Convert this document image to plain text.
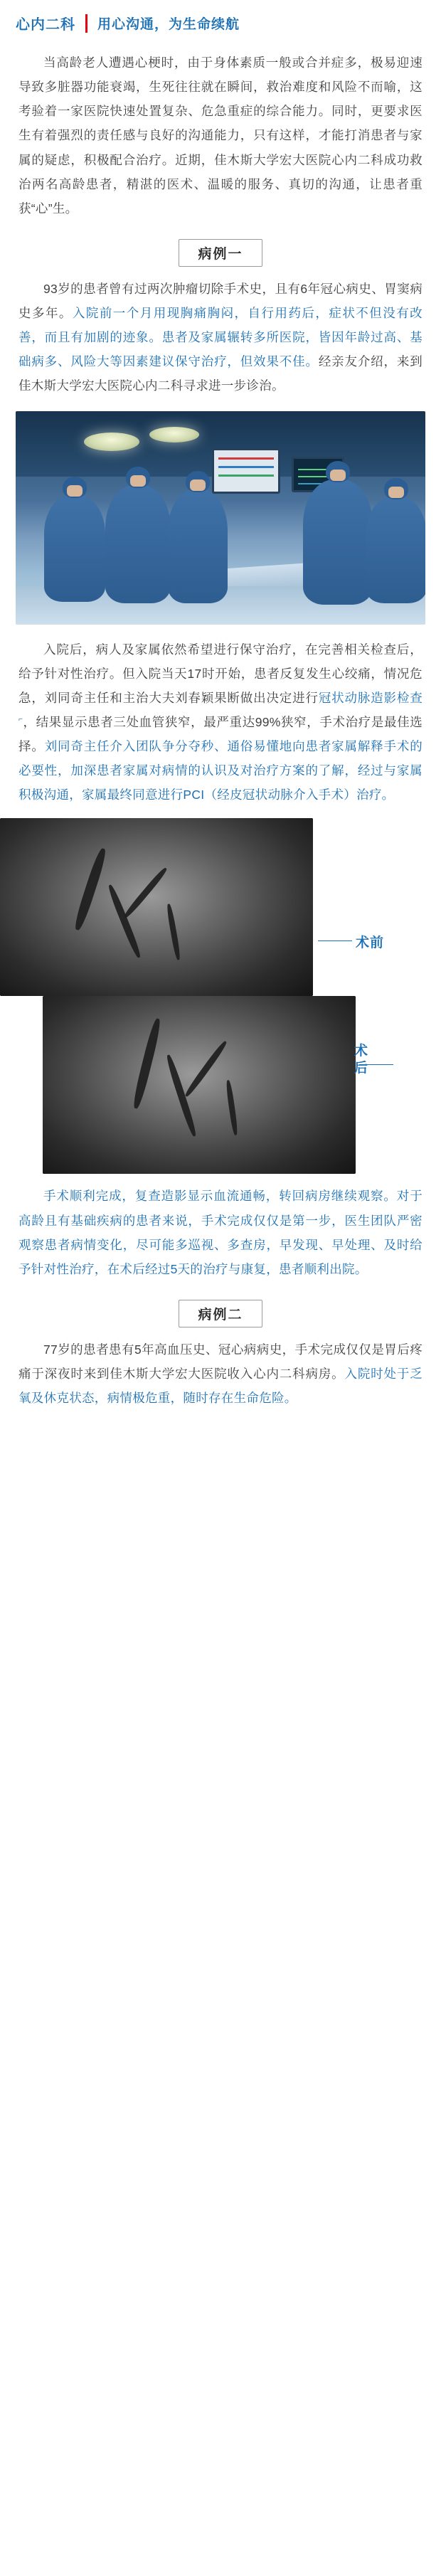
心内二科 用心沟通，为生命续航

当高龄老人遭遇心梗时，由于身体素质一般或合并症多，极易迎速导致多脏器功能衰竭，生死往往就在瞬间，救治难度和风险不而喻，这考验着一家医院快速处置复杂、危急重症的综合能力。同时，更要求医生有着强烈的责任感与良好的沟通能力，只有这样，才能打消患者与家属的疑虑，积极配合治疗。近期，佳木斯大学宏大医院心内二科成功救治两名高龄患者，精湛的医术、温暖的服务、真切的沟通，让患者重获“心”生。

病例一

93岁的患者曾有过两次肿瘤切除手术史，且有6年冠心病史、胃窦病史多年。入院前一个月用现胸痛胸闷，自行用药后，症状不但没有改善，而且有加剧的迹象。患者及家属辗转多所医院，皆因年龄过高、基础病多、风险大等因素建议保守治疗，但效果不佳。经亲友介绍，来到佳木斯大学宏大医院心内二科寻求进一步诊治。

入院后，病人及家属依然希望进行保守治疗，在完善相关检查后，给予针对性治疗。但入院当天17时开始，患者反复发生心绞痛，情况危急，刘同奇主任和主治大夫刘春颖果断做出决定进行冠状动脉造影检查⌐，结果显示患者三处血管狭窄，最严重达99%狭窄，手术治疗是最佳选择。刘同奇主任介入团队争分夺秒、通俗易懂地向患者家属解释手术的必要性，加深患者家属对病情的认识及对治疗方案的了解，经过与家属积极沟通，家属最终同意进行PCI（经皮冠状动脉介入手术）治疗。

术前
术后

手术顺利完成，复查造影显示血流通畅，转回病房继续观察。对于高龄且有基础疾病的患者来说，手术完成仅仅是第一步，医生团队严密观察患者病情变化，尽可能多巡视、多查房，早发现、早处理、及时给予针对性治疗，在术后经过5天的治疗与康复，患者顺利出院。

病例二

77岁的患者患有5年高血压史、冠心病病史，手术完成仅仅是胃后疼痛于深夜时来到佳木斯大学宏大医院收入心内二科病房。入院时处于乏氧及休克状态，病情极危重，随时存在生命危险。
